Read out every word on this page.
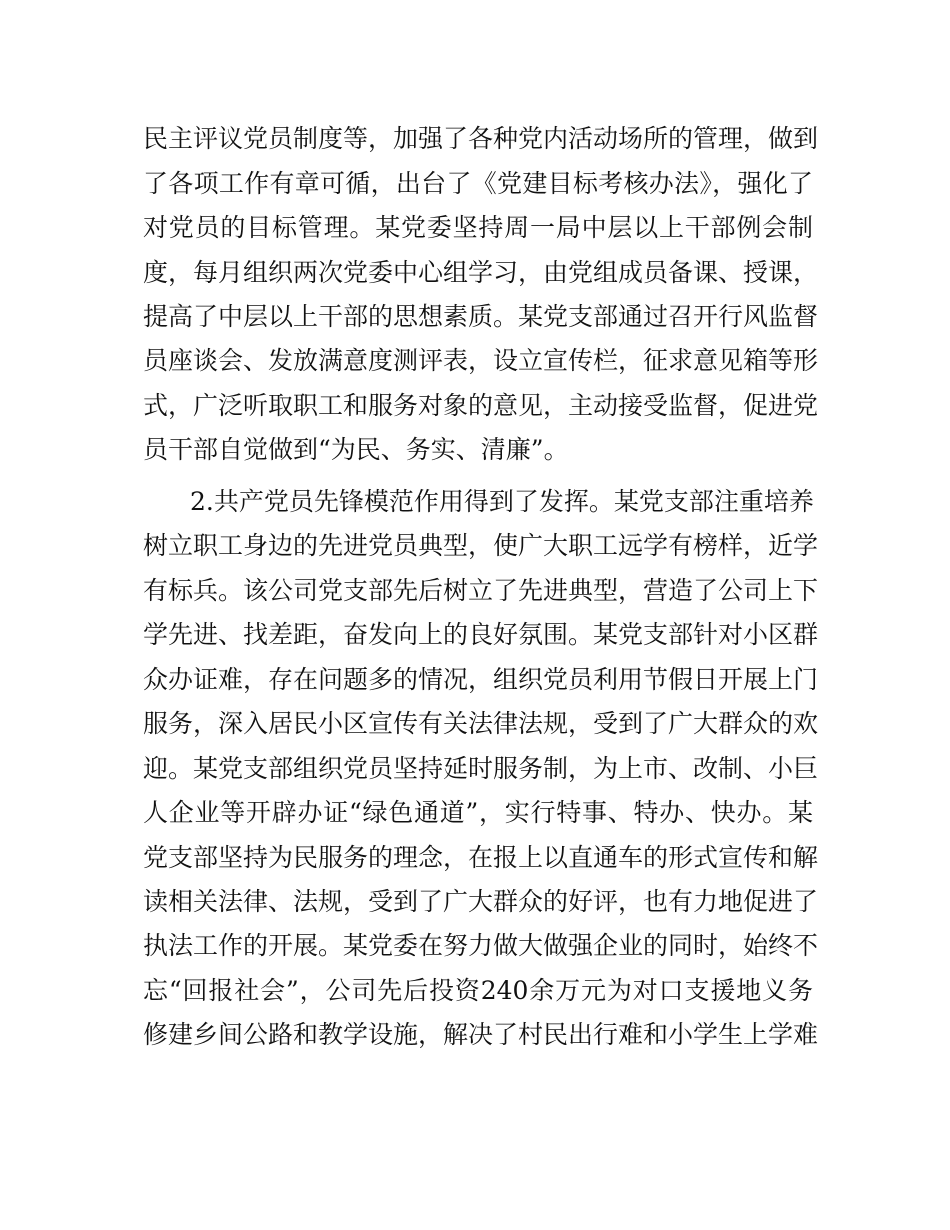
民主评议党员制度等，加强了各种党内活动场所的管理，做到
了各项工作有章可循，出台了《党建目标考核办法》，强化了
对党员的目标管理。某党委坚持周一局中层以上干部例会制
度，每月组织两次党委中心组学习，由党组成员备课、授课，
提高了中层以上干部的思想素质。某党支部通过召开行风监督
员座谈会、发放满意度测评表，设立宣传栏，征求意见箱等形
式，广泛听取职工和服务对象的意见，主动接受监督，促进党
员干部自觉做到“为民、务实、清廉”。
2.共产党员先锋模范作用得到了发挥。某党支部注重培养
树立职工身边的先进党员典型，使广大职工远学有榜样，近学
有标兵。该公司党支部先后树立了先进典型，营造了公司上下
学先进、找差距，奋发向上的良好氛围。某党支部针对小区群
众办证难，存在问题多的情况，组织党员利用节假日开展上门
服务，深入居民小区宣传有关法律法规，受到了广大群众的欢
迎。某党支部组织党员坚持延时服务制，为上市、改制、小巨
人企业等开辟办证“绿色通道”，实行特事、特办、快办。某
党支部坚持为民服务的理念，在报上以直通车的形式宣传和解
读相关法律、法规，受到了广大群众的好评，也有力地促进了
执法工作的开展。某党委在努力做大做强企业的同时，始终不
忘“回报社会”，公司先后投资240余万元为对口支援地义务
修建乡间公路和教学设施，解决了村民出行难和小学生上学难
